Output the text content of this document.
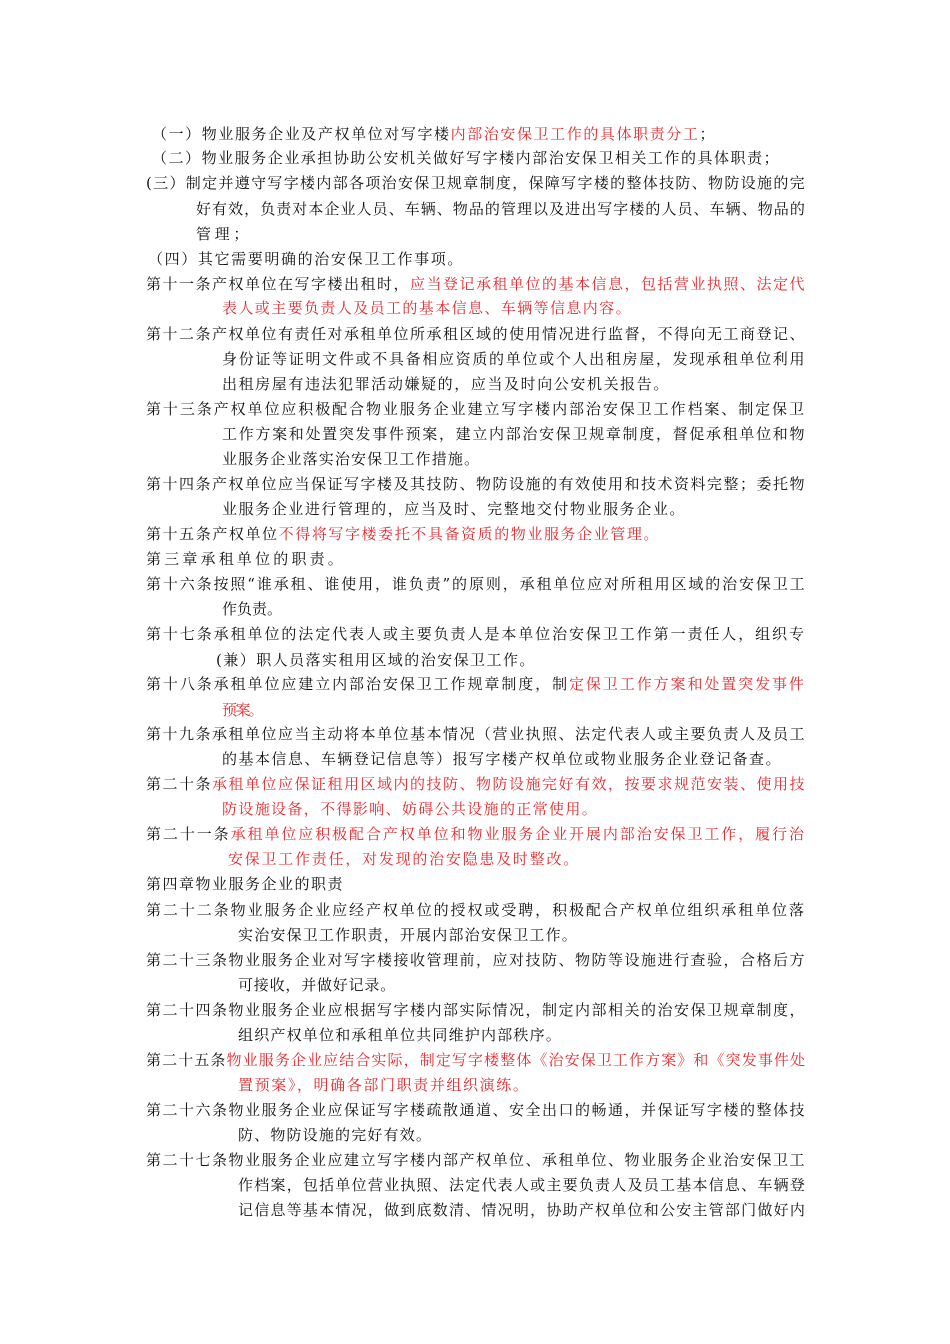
（一）物业服务企业及产权单位对写字楼内部治安保卫工作的具体职责分工；
（二）物业服务企业承担协助公安机关做好写字楼内部治安保卫相关工作的具体职责；
(三）制定并遵守写字楼内部各项治安保卫规章制度，保障写字楼的整体技防、物防设施的完
好有效，负责对本企业人员、车辆、物品的管理以及进出写字楼的人员、车辆、物品的
管理；
（四）其它需要明确的治安保卫工作事项。
第十一条产权单位在写字楼出租时，应当登记承租单位的基本信息，包括营业执照、法定代
表人或主要负责人及员工的基本信息、车辆等信息内容。
第十二条产权单位有责任对承租单位所承租区域的使用情况进行监督，不得向无工商登记、
身份证等证明文件或不具备相应资质的单位或个人出租房屋，发现承租单位利用
出租房屋有违法犯罪活动嫌疑的，应当及时向公安机关报告。
第十三条产权单位应积极配合物业服务企业建立写字楼内部治安保卫工作档案、制定保卫
工作方案和处置突发事件预案，建立内部治安保卫规章制度，督促承租单位和物
业服务企业落实治安保卫工作措施。
第十四条产权单位应当保证写字楼及其技防、物防设施的有效使用和技术资料完整；委托物
业服务企业进行管理的，应当及时、完整地交付物业服务企业。
第十五条产权单位不得将写字楼委托不具备资质的物业服务企业管理。
第三章承租单位的职责。
第十六条按照“谁承租、谁使用，谁负责”的原则，承租单位应对所租用区域的治安保卫工
作负责。
第十七条承租单位的法定代表人或主要负责人是本单位治安保卫工作第一责任人，组织专
(兼）职人员落实租用区域的治安保卫工作。
第十八条承租单位应建立内部治安保卫工作规章制度，制定保卫工作方案和处置突发事件
预案。
第十九条承租单位应当主动将本单位基本情况（营业执照、法定代表人或主要负责人及员工
的基本信息、车辆登记信息等）报写字楼产权单位或物业服务企业登记备查。
第二十条承租单位应保证租用区域内的技防、物防设施完好有效，按要求规范安装、使用技
防设施设备，不得影响、妨碍公共设施的正常使用。
第二十一条承租单位应积极配合产权单位和物业服务企业开展内部治安保卫工作，履行治
安保卫工作责任，对发现的治安隐患及时整改。
第四章物业服务企业的职责
第二十二条物业服务企业应经产权单位的授权或受聘，积极配合产权单位组织承租单位落
实治安保卫工作职责，开展内部治安保卫工作。
第二十三条物业服务企业对写字楼接收管理前，应对技防、物防等设施进行查验，合格后方
可接收，并做好记录。
第二十四条物业服务企业应根据写字楼内部实际情况，制定内部相关的治安保卫规章制度，
组织产权单位和承租单位共同维护内部秩序。
第二十五条物业服务企业应结合实际，制定写字楼整体《治安保卫工作方案》和《突发事件处
置预案》，明确各部门职责并组织演练。
第二十六条物业服务企业应保证写字楼疏散通道、安全出口的畅通，并保证写字楼的整体技
防、物防设施的完好有效。
第二十七条物业服务企业应建立写字楼内部产权单位、承租单位、物业服务企业治安保卫工
作档案，包括单位营业执照、法定代表人或主要负责人及员工基本信息、车辆登
记信息等基本情况，做到底数清、情况明，协助产权单位和公安主管部门做好内
